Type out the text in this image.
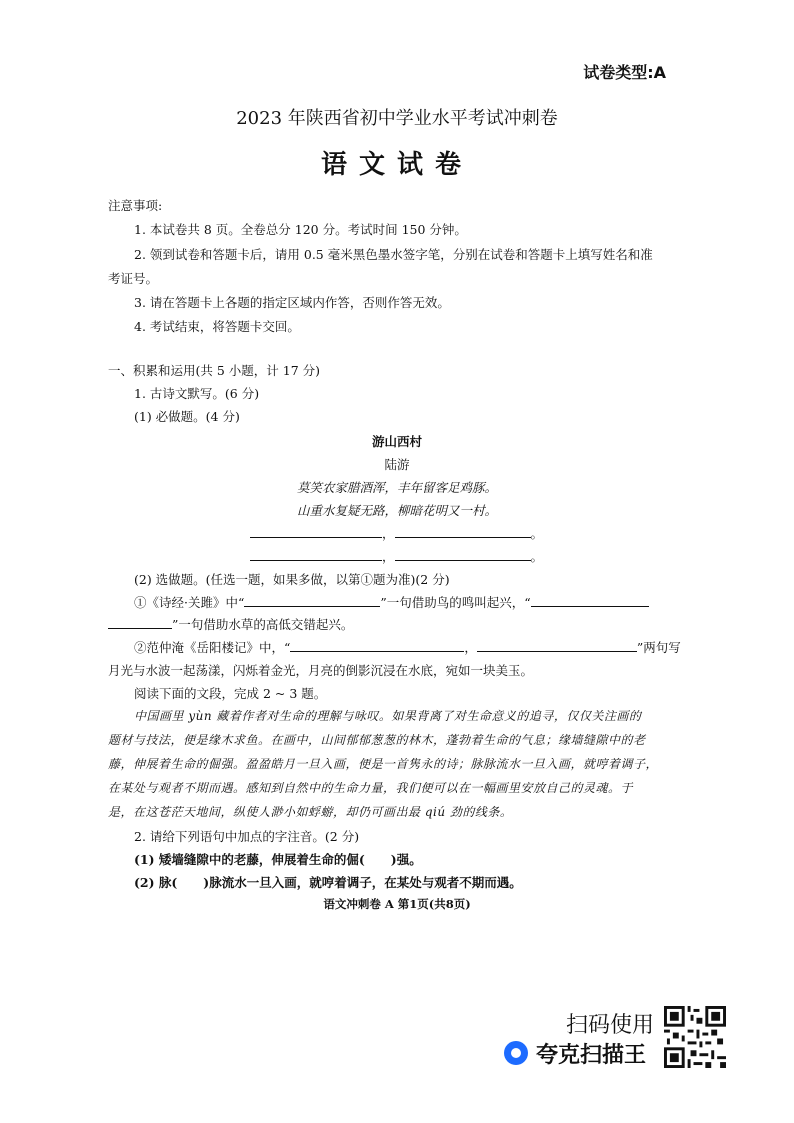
试卷类型:A
2023 年陕西省初中学业水平考试冲刺卷
语文试卷
注意事项:
1. 本试卷共 8 页。全卷总分 120 分。考试时间 150 分钟。
2. 领到试卷和答题卡后，请用 0.5 毫米黑色墨水签字笔，分别在试卷和答题卡上填写姓名和准
考证号。
3. 请在答题卡上各题的指定区域内作答，否则作答无效。
4. 考试结束，将答题卡交回。
一、积累和运用(共 5 小题，计 17 分)
1. 古诗文默写。(6 分)
(1) 必做题。(4 分)
游山西村
陆游
莫笑农家腊酒浑，丰年留客足鸡豚。
山重水复疑无路，柳暗花明又一村。
，	。
，	。
(2) 选做题。(任选一题，如果多做，以第①题为准)(2 分)
①《诗经·关雎》中“	”一句借助鸟的鸣叫起兴，“
”一句借助水草的高低交错起兴。
②范仲淹《岳阳楼记》中，“	，	”两句写
月光与水波一起荡漾，闪烁着金光，月亮的倒影沉浸在水底，宛如一块美玉。
阅读下面的文段，完成 2 ~ 3 题。
中国画里 yùn 藏着作者对生命的理解与咏叹。如果背离了对生命意义的追寻，仅仅关注画的
题材与技法，便是缘木求鱼。在画中，山间郁郁葱葱的林木，蓬勃着生命的气息；缘墙缝隙中的老
藤，伸展着生命的倔强。盈盈皓月一旦入画，便是一首隽永的诗；脉脉流水一旦入画，就哼着调子，
在某处与观者不期而遇。感知到自然中的生命力量，我们便可以在一幅画里安放自己的灵魂。于
是，在这苍茫天地间，纵使人渺小如蜉蝣，却仍可画出最 qiú 劲的线条。
2. 请给下列语句中加点的字注音。(2 分)
(1) 矮墙缝隙中的老藤，伸展着生命的倔( )强。
(2) 脉( )脉流水一旦入画，就哼着调子，在某处与观者不期而遇。
语文冲刺卷 A 第1页(共8页)
扫码使用
夸克扫描王
